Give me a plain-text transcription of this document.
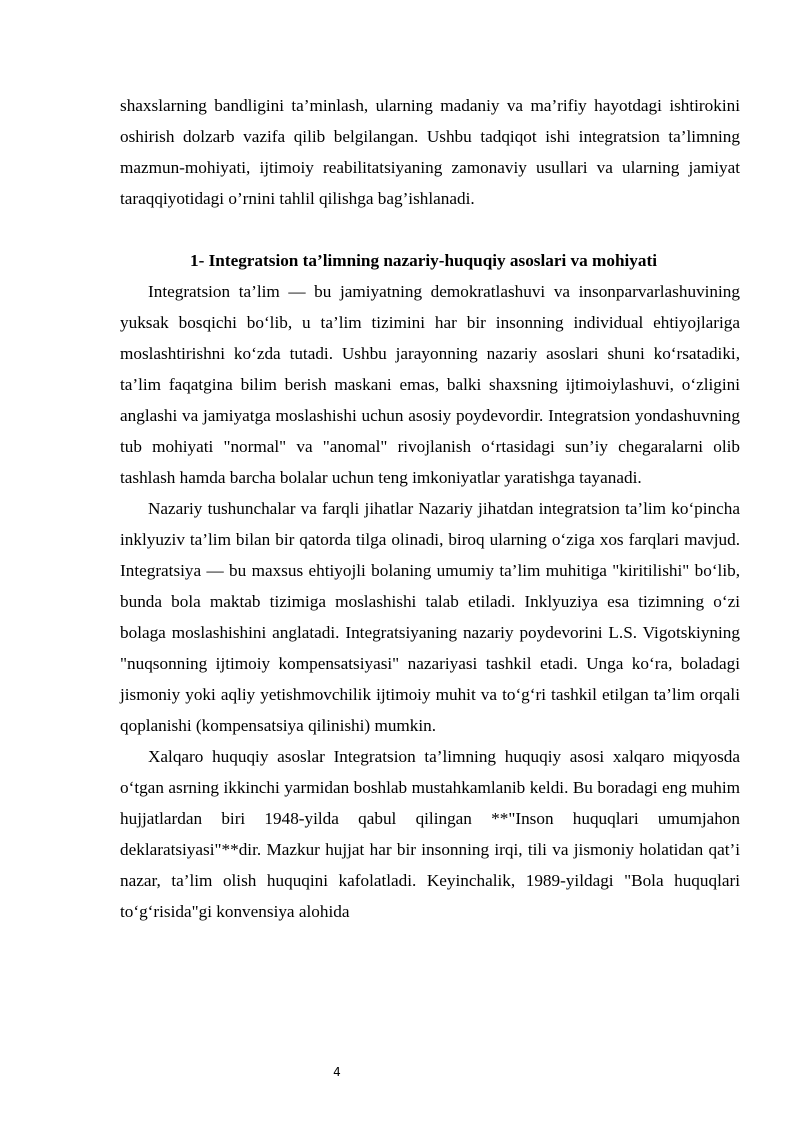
shaxslarning bandligini ta’minlash, ularning madaniy va ma’rifiy hayotdagi ishtirokini oshirish dolzarb vazifa qilib belgilangan. Ushbu tadqiqot ishi integratsion ta’limning mazmun-mohiyati, ijtimoiy reabilitatsiyaning zamonaviy usullari va ularning jamiyat taraqqiyotidagi o’rnini tahlil qilishga bag’ishlanadi.

1- Integratsion ta’limning nazariy-huquqiy asoslari va mohiyati

Integratsion ta’lim — bu jamiyatning demokratlashuvi va insonparvarlashuvining yuksak bosqichi bo‘lib, u ta’lim tizimini har bir insonning individual ehtiyojlariga moslashtirishni ko‘zda tutadi. Ushbu jarayonning nazariy asoslari shuni ko‘rsatadiki, ta’lim faqatgina bilim berish maskani emas, balki shaxsning ijtimoiylashuvi, o‘zligini anglashi va jamiyatga moslashishi uchun asosiy poydevordir. Integratsion yondashuvning tub mohiyati "normal" va "anomal" rivojlanish o‘rtasidagi sun’iy chegaralarni olib tashlash hamda barcha bolalar uchun teng imkoniyatlar yaratishga tayanadi.

Nazariy tushunchalar va farqli jihatlar Nazariy jihatdan integratsion ta’lim ko‘pincha inklyuziv ta’lim bilan bir qatorda tilga olinadi, biroq ularning o‘ziga xos farqlari mavjud. Integratsiya — bu maxsus ehtiyojli bolaning umumiy ta’lim muhitiga "kiritilishi" bo‘lib, bunda bola maktab tizimiga moslashishi talab etiladi. Inklyuziya esa tizimning o‘zi bolaga moslashishini anglatadi. Integratsiyaning nazariy poydevorini L.S. Vigotskiyning "nuqsonning ijtimoiy kompensatsiyasi" nazariyasi tashkil etadi. Unga ko‘ra, boladagi jismoniy yoki aqliy yetishmovchilik ijtimoiy muhit va to‘g‘ri tashkil etilgan ta’lim orqali qoplanishi (kompensatsiya qilinishi) mumkin.

Xalqaro huquqiy asoslar Integratsion ta’limning huquqiy asosi xalqaro miqyosda o‘tgan asrning ikkinchi yarmidan boshlab mustahkamlanib keldi. Bu boradagi eng muhim hujjatlardan biri 1948-yilda qabul qilingan **"Inson huquqlari umumjahon deklaratsiyasi"**dir. Mazkur hujjat har bir insonning irqi, tili va jismoniy holatidan qat’i nazar, ta’lim olish huquqini kafolatladi. Keyinchalik, 1989-yildagi "Bola huquqlari to‘g‘risida"gi konvensiya alohida

4
